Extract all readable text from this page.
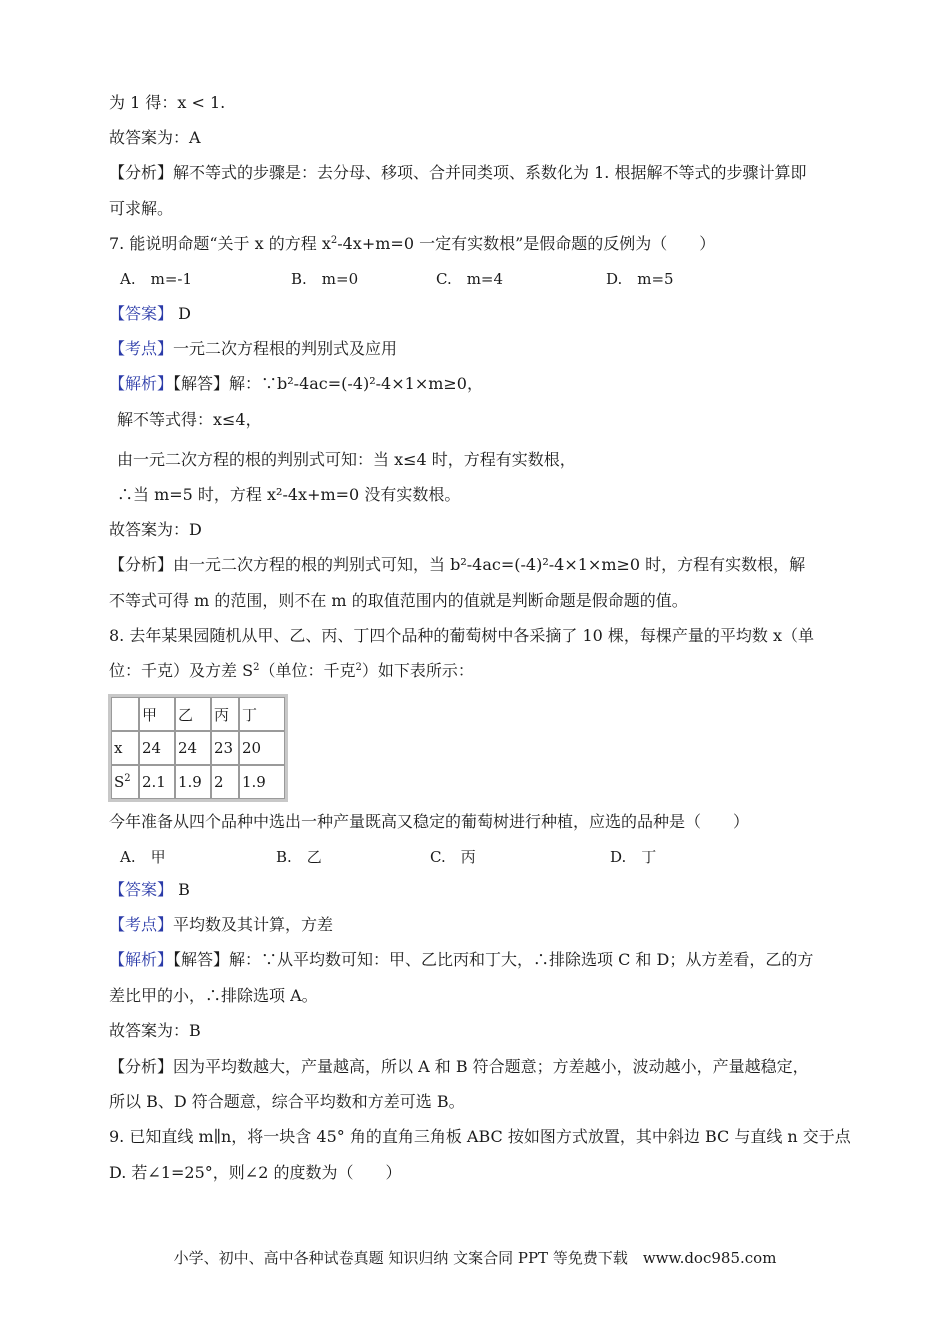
为 1 得：x < 1.
故答案为：A
【分析】解不等式的步骤是：去分母、移项、合并同类项、系数化为 1. 根据解不等式的步骤计算即
可求解。
7. 能说明命题“关于 x 的方程 $x^2-4x+m=0$ 一定有实数根”是假命题的反例为（　　）
A.　m=-1	B.　m=0	C.　m=4	D.　m=5
【答案】 D
【考点】一元二次方程根的判别式及应用
【解析】【解答】解：∵b²-4ac=(-4)²-4×1×m≥0，
解不等式得：x≤4，
由一元二次方程的根的判别式可知：当 x≤4 时，方程有实数根，
∴当 m=5 时，方程 x²-4x+m=0 没有实数根。
故答案为：D
【分析】由一元二次方程的根的判别式可知，当 b²-4ac=(-4)²-4×1×m≥0 时，方程有实数根，解
不等式可得 m 的范围，则不在 m 的取值范围内的值就是判断命题是假命题的值。
8. 去年某果园随机从甲、乙、丙、丁四个品种的葡萄树中各采摘了 10 棵，每棵产量的平均数 x（单
位：千克）及方差 $S^2$（单位：千克$^2$）如下表所示：
	甲	乙	丙	丁
x	24	24	23	20
$S^2$	2.1	1.9	2	1.9
今年准备从四个品种中选出一种产量既高又稳定的葡萄树进行种植，应选的品种是（　　）
A.　甲	B.　乙	C.　丙	D.　丁
【答案】 B
【考点】平均数及其计算，方差
【解析】【解答】解：∵从平均数可知：甲、乙比丙和丁大，∴排除选项 C 和 D；从方差看，乙的方
差比甲的小，∴排除选项 A。
故答案为：B
【分析】因为平均数越大，产量越高，所以 A 和 B 符合题意；方差越小，波动越小，产量越稳定，
所以 B、D 符合题意，综合平均数和方差可选 B。
9. 已知直线 m∥n，将一块含 45° 角的直角三角板 ABC 按如图方式放置，其中斜边 BC 与直线 n 交于点
D. 若∠1=25°，则∠2 的度数为（　　）
小学、初中、高中各种试卷真题 知识归纳 文案合同 PPT 等免费下载　www.doc985.com
